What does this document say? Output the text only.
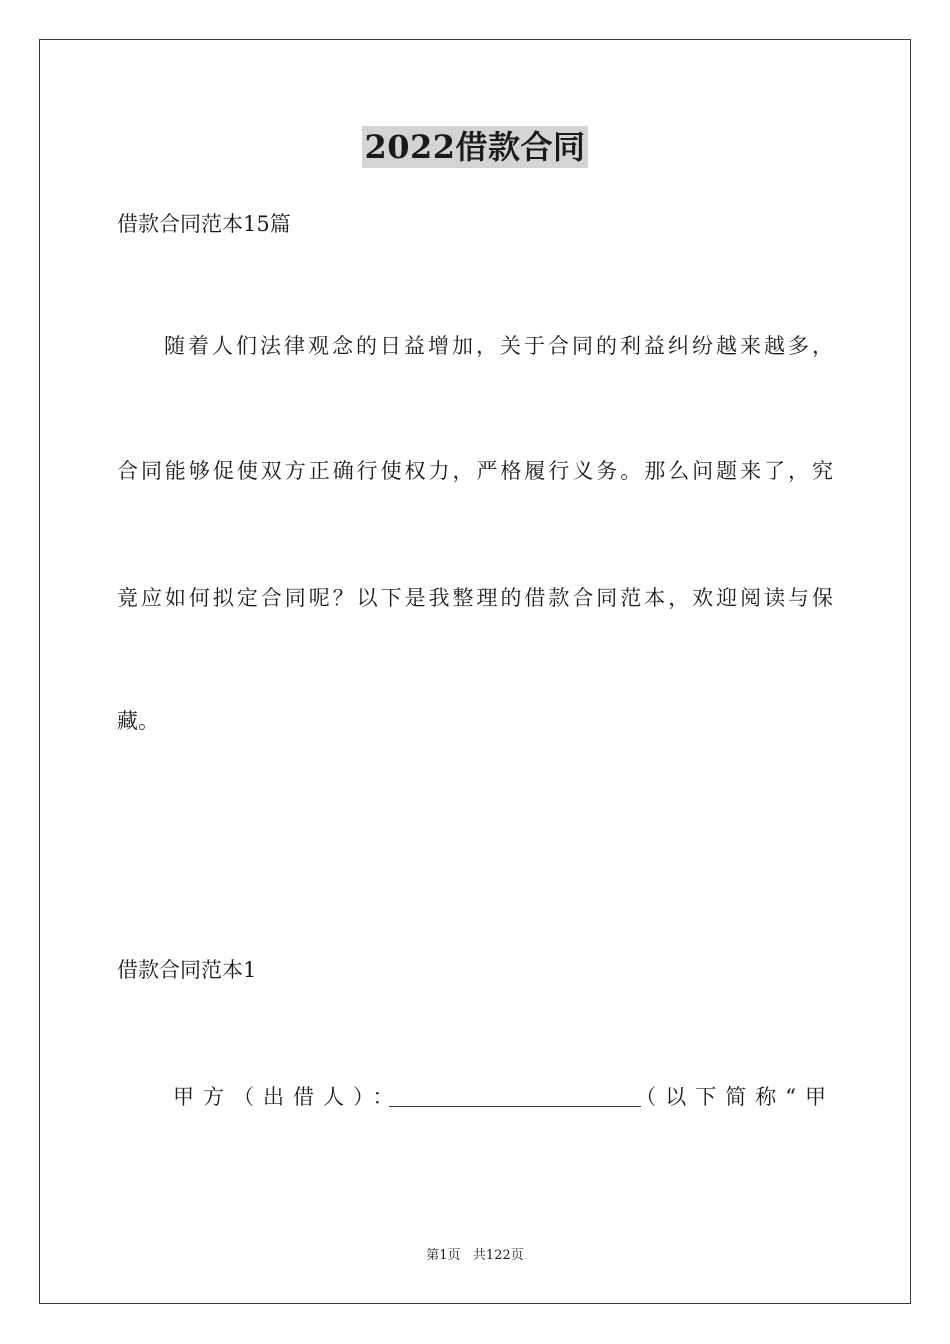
2022借款合同
借款合同范本15篇
随着人们法律观念的日益增加，关于合同的利益纠纷越来越多，
合同能够促使双方正确行使权力，严格履行义务。那么问题来了，究
竟应如何拟定合同呢？以下是我整理的借款合同范本，欢迎阅读与保
藏。
借款合同范本1
甲方（出借人）：	（以下简称“甲
第1页 共122页
